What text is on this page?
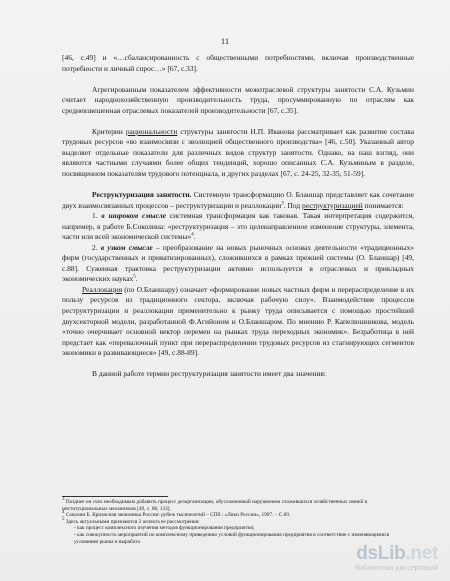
11

[46, с.49] и «…сбалансированность с общественными потребностями, включая производственные потребности и личный спрос…» [67, с.33].

Агрегированным показателем эффективности межотраслевой структуры занятости С.А. Кузьмин считает народнохозяйственную производительность труда, просуммированную по отраслям как средневзвешенная отраслевых показателей производительности [67, с.35].

Критерии рациональности структуры занятости Н.П. Иванова рассматривает как развитие состава трудовых ресурсов «во взаимосвязи с эволюцией общественного производства» [46, с.50]. Указанный автор выделяет отдельные показатели для различных видов структур занятости. Однако, на наш взгляд, они являются частными случаями более общих тенденций, хорошо описанных С.А. Кузьминым в разделе, посвященном показателям трудового потенциала, и других разделах [67, с. 24-25, 32-35, 51-59].

Реструктуризация занятости. Системную трансформацию О. Бланшар представляет как сочетание двух взаимосвязанных процессов – реструктуризации и реаллокации$^3$. Под реструктуризацией понимается:

1. в широком смысле системная трансформация как таковая. Такая интерпретация содержится, например, в работе Б.Соколина: «реструктуризация – это целенаправленное изменение структуры, элемента, части или всей экономической системы»$^4$.

2. в узком смысле – преобразование на новых рыночных основах деятельности «традиционных» фирм (государственных и приватизированных), сложившихся в рамках прежней системы (О. Бланшар) [49, с.88]. Суженная трактовка реструктуризации активно используется в отраслевых и прикладных экономических науках$^5$.

Реаллокация (по О.Бланшару) означает «формирование новых частных фирм и перераспределение в их пользу ресурсов из традиционного сектора, включая рабочую силу». Взаимодействие процессов реструктуризации и реаллокации применительно к рынку труда описывается с помощью простейшей двухсекторной модели, разработанной Ф.Агийоном и О.Бланшаром. По мнению Р. Капелюшникова, модель «точно очерчивает основной вектор перемен на рынках труда переходных экономик». Безработица в ней предстает как «перевалочный пункт при перераспределении трудовых ресурсов из стагнирующих сегментов экономики в развивающиеся» [49, с.88-89].

В данной работе термин реструктуризация занятости имеет два значения:

$^3$ Позднее он счел необходимым добавить процесс дезорганизации, обусловленный нарушением сложившихся хозяйственных связей и институциональных механизмов [49, с. 88, 133].

$^4$ Соколин Б. Кризисная экономика России: рубеж тысячелетий – СПб.: «Лики России», 1997. – С.69.

$^5$ Здесь актуальными признаются 2 аспекта ее рассмотрения:

- как процесс комплексного изучения методов функционирования предприятия;

- как совокупность мероприятий по комплексному приведению условий функционирования предприятия в соответствие с изменяющимися условиями рынка и выработа

dsLib.net
библиотека диссертаций
